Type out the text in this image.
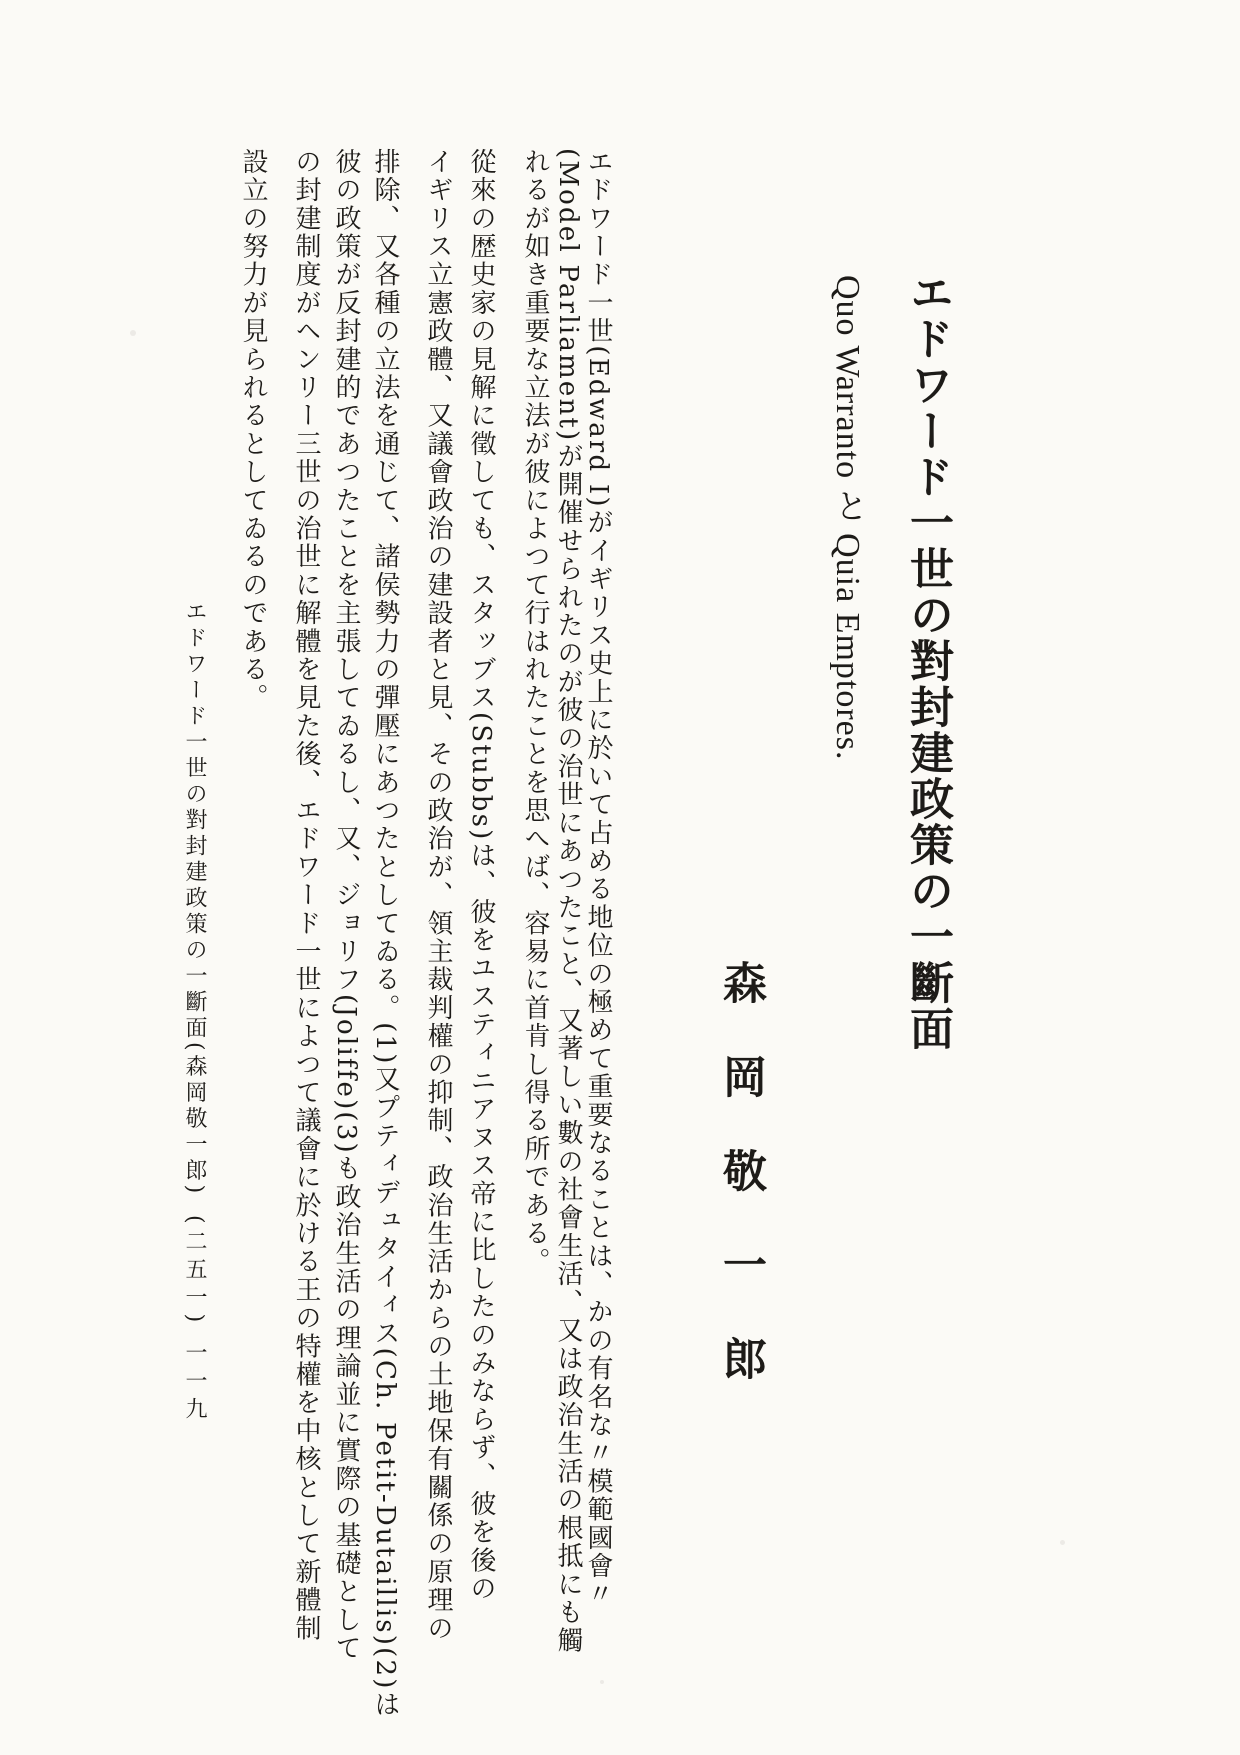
エドワード一世の對封建政策の一斷面
Quo Warranto と Quia Emptores.
森岡敬一郎
エドワード一世(Edward I)がイギリス史上に於いて占める地位の極めて重要なることは、かの有名な〃模範國會〃
(Model Parliament)が開催せられたのが彼の治世にあつたこと、又著しい數の社會生活、又は政治生活の根抵にも觸
れるが如き重要な立法が彼によつて行はれたことを思へば、容易に首肯し得る所である。
從來の歴史家の見解に徵しても、スタッブス(Stubbs)は、彼をユスティニアヌス帝に比したのみならず、彼を後の
イギリス立憲政體、又議會政治の建設者と見、その政治が、領主裁判權の抑制、政治生活からの土地保有關係の原理の
排除、又各種の立法を通じて、諸侯勢力の彈壓にあつたとしてゐる。(1)又プティデュタイィス(Ch. Petit-Dutaillis)(2)は
彼の政策が反封建的であつたことを主張してゐるし、又、ジョリフ(Joliffe)(3)も政治生活の理論並に實際の基礎として
の封建制度がヘンリー三世の治世に解體を見た後、エドワード一世によつて議會に於ける王の特權を中核として新體制
設立の努力が見られるとしてゐるのである。
エドワード一世の對封建政策の一斷面(森岡敬一郎)
(二五一) 一一九
